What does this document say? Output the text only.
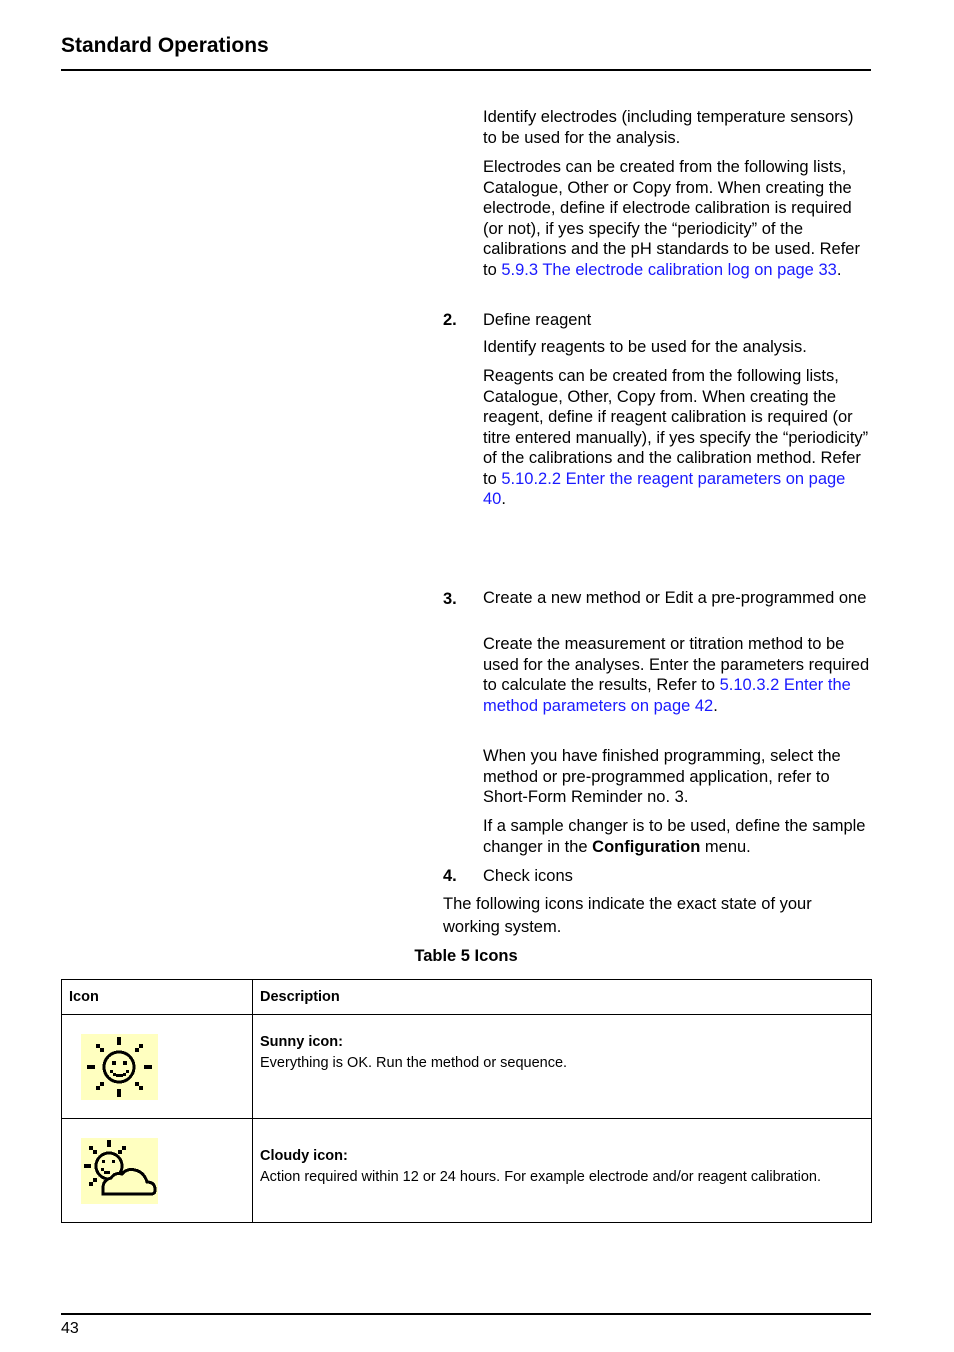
Standard Operations

Identify electrodes (including temperature sensors) to be used for the analysis.

Electrodes can be created from the following lists, Catalogue, Other or Copy from. When creating the electrode, define if electrode calibration is required (or not), if yes specify the “periodicity” of the calibrations and the pH standards to be used. Refer to 5.9.3 The electrode calibration log on page 33.

2. Define reagent

Identify reagents to be used for the analysis.

Reagents can be created from the following lists, Catalogue, Other, Copy from. When creating the reagent, define if reagent calibration is required (or titre entered manually), if yes specify the “periodicity” of the calibrations and the calibration method. Refer to 5.10.2.2 Enter the reagent parameters on page 40.

3. Create a new method or Edit a pre-programmed one

Create the measurement or titration method to be used for the analyses. Enter the parameters required to calculate the results, Refer to 5.10.3.2 Enter the method parameters on page 42.

When you have finished programming, select the method or pre-programmed application, refer to Short-Form Reminder no. 3.

If a sample changer is to be used, define the sample changer in the Configuration menu.

4. Check icons

The following icons indicate the exact state of your working system.

Table 5 Icons
Icon	Description

Sunny icon:
Everything is OK. Run the method or sequence.

Cloudy icon:
Action required within 12 or 24 hours. For example electrode and/or reagent calibration.
43
